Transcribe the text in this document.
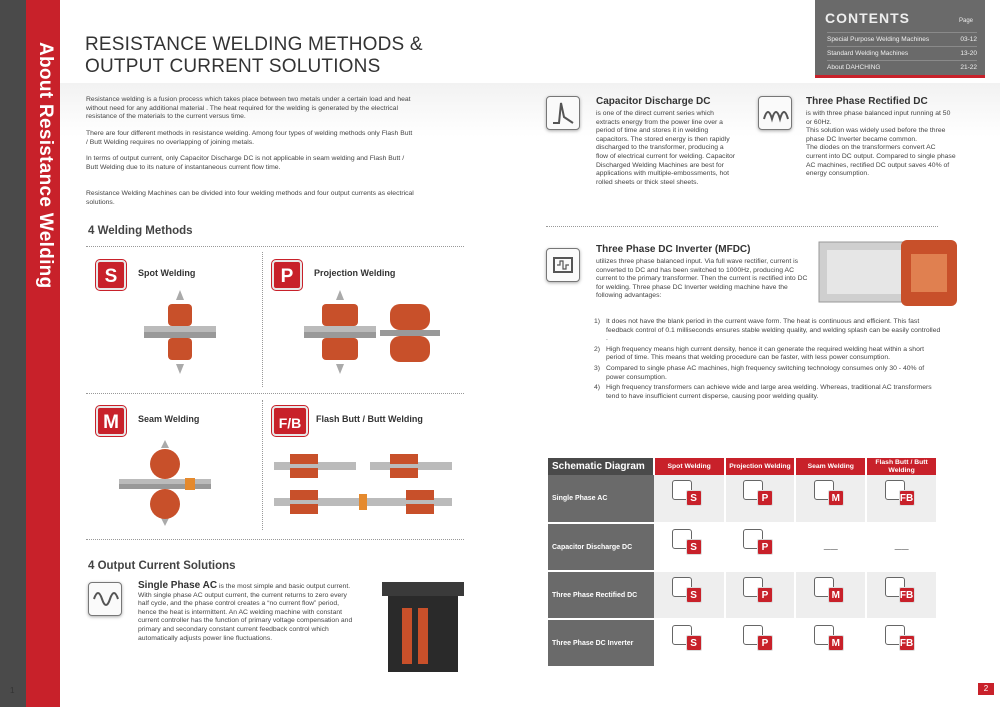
About Resistance Welding
1	2
RESISTANCE WELDING METHODS &
OUTPUT CURRENT SOLUTIONS
CONTENTS	Page
Special Purpose Welding Machines	03-12
Standard Welding Machines	13-20
About DAHCHING	21-22
Resistance welding is a fusion process which takes place between two metals under a certain load and heat without need for any additional material . The heat required for the welding is generated by the electrical resistance of the materials to the current versus time.
There are four different methods in resistance welding. Among four types of welding methods only Flash Butt / Butt Welding requires no overlapping of joining metals.
In terms of output current, only Capacitor Discharge DC is not applicable in seam welding and Flash Butt / Butt Welding due to its nature of instantaneous current flow time.
Resistance Welding Machines can be divided into four welding methods and four output currents as electrical solutions.
4 Welding Methods
S	Spot Welding	P	Projection Welding
M	Seam Welding	F/B	Flash Butt / Butt Welding
4 Output Current Solutions
Single Phase AC is the most simple and basic output current. With single phase AC output current, the current returns to zero every half cycle, and the phase control creates a “no current flow” period, hence the heat is intermittent. An AC welding machine with constant current controller has the function of primary voltage compensation and primary and secondary constant current feedback control which automatically adjusts power line fluctuations.
Capacitor Discharge DC
is one of the direct current series which extracts energy from the power line over a period of time and stores it in welding capacitors. The stored energy is then rapidly discharged to the transformer, producing a flow of electrical current for welding. Capacitor Discharged Welding Machines are best for applications with multiple-embossments, hot rolled sheets or thick steel sheets.
Three Phase Rectified DC
is with three phase balanced input running at 50 or 60Hz.
This solution was widely used before the three phase DC Inverter became common.
The diodes on the transformers convert AC current into DC output. Compared to single phase AC machines, rectified DC output saves 40% of energy consumption.
Three Phase DC Inverter (MFDC)
utilizes three phase balanced input. Via full wave rectifier, current is converted to DC and has been switched to 1000Hz, producing AC current to the primary transformer. Then the current is rectified into DC for welding. Three phase DC Inverter welding machine have the following advantages:
1) It does not have the blank period in the current wave form. The heat is continuous and efficient. This fast feedback control of 0.1 milliseconds ensures stable welding quality, and welding splash can be easily controlled .
2) High frequency means high current density, hence it can generate the required welding heat within a short period of time. This means that welding procedure can be faster, with less power consumption.
3) Compared to single phase AC machines, high frequency switching technology consumes only 30 - 40% of power consumption.
4) High frequency transformers can achieve wide and large area welding. Whereas, traditional AC transformers tend to have insufficient current disperse, causing poor welding quality.
Schematic Diagram	Spot Welding	Projection Welding	Seam Welding	Flash Butt / Butt Welding
Single Phase AC	S	P	M	FB

Capacitor Discharge DC	S	P	——	——
Three Phase Rectified DC	S	P	M	FB

Three Phase DC Inverter	S	P	M	FB
